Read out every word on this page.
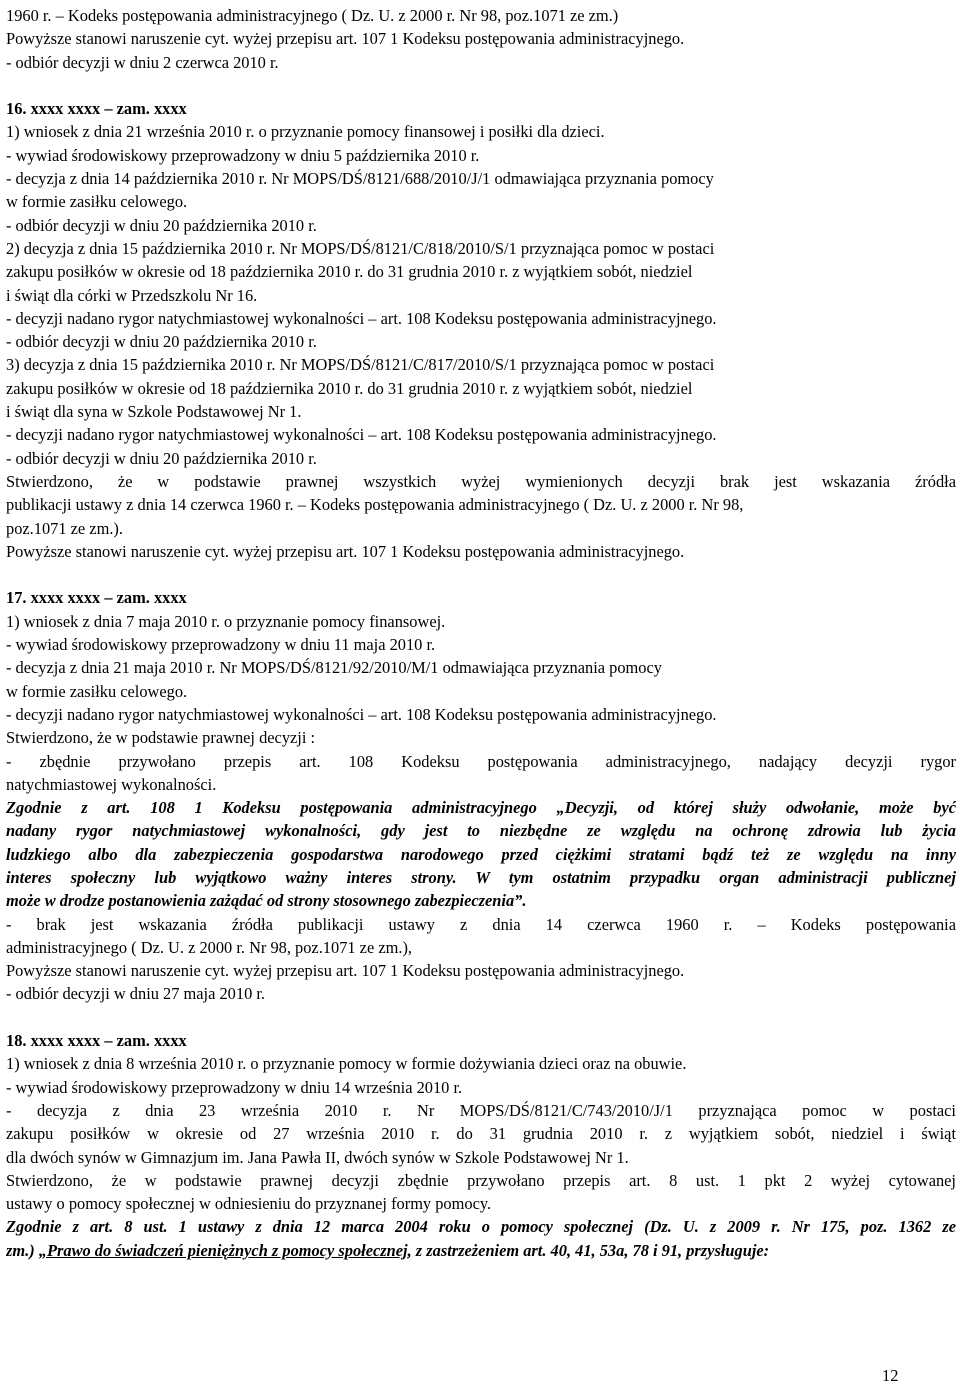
1960 r. – Kodeks postępowania administracyjnego ( Dz. U. z 2000 r. Nr 98, poz.1071 ze zm.)
Powyższe stanowi naruszenie cyt. wyżej przepisu art. 107 1 Kodeksu postępowania administracyjnego.
- odbiór decyzji w dniu 2 czerwca 2010 r.
16. xxxx xxxx – zam. xxxx
1) wniosek z dnia 21 września 2010 r. o przyznanie pomocy finansowej i posiłki dla dzieci.
- wywiad środowiskowy przeprowadzony w dniu 5 października 2010 r.
- decyzja z dnia 14 października 2010 r. Nr MOPS/DŚ/8121/688/2010/J/1 odmawiająca przyznania pomocy
w formie zasiłku celowego.
- odbiór decyzji w dniu 20 października 2010 r.
2) decyzja z dnia 15 października 2010 r. Nr MOPS/DŚ/8121/C/818/2010/S/1 przyznająca pomoc w postaci
zakupu posiłków w okresie od 18 października 2010 r. do 31 grudnia 2010 r. z wyjątkiem sobót, niedziel
i świąt dla córki w Przedszkolu Nr 16.
- decyzji nadano rygor natychmiastowej wykonalności – art. 108 Kodeksu postępowania administracyjnego.
- odbiór decyzji w dniu 20 października 2010 r.
3) decyzja z dnia 15 października 2010 r. Nr MOPS/DŚ/8121/C/817/2010/S/1 przyznająca pomoc w postaci
zakupu posiłków w okresie od 18 października 2010 r. do 31 grudnia 2010 r. z wyjątkiem sobót, niedziel
i świąt dla syna w Szkole Podstawowej Nr 1.
- decyzji nadano rygor natychmiastowej wykonalności – art. 108 Kodeksu postępowania administracyjnego.
- odbiór decyzji w dniu 20 października 2010 r.
Stwierdzono, że w podstawie prawnej wszystkich wyżej wymienionych decyzji brak jest wskazania źródła
publikacji ustawy z dnia 14 czerwca 1960 r. – Kodeks postępowania administracyjnego ( Dz. U. z 2000 r. Nr 98,
poz.1071 ze zm.).
Powyższe stanowi naruszenie cyt. wyżej przepisu art. 107 1 Kodeksu postępowania administracyjnego.
17. xxxx xxxx – zam. xxxx
1) wniosek z dnia 7 maja 2010 r. o przyznanie pomocy finansowej.
- wywiad środowiskowy przeprowadzony w dniu 11 maja 2010 r.
- decyzja z dnia 21 maja 2010 r. Nr MOPS/DŚ/8121/92/2010/M/1 odmawiająca przyznania pomocy
w formie zasiłku celowego.
- decyzji nadano rygor natychmiastowej wykonalności – art. 108 Kodeksu postępowania administracyjnego.
Stwierdzono, że w podstawie prawnej decyzji :
- zbędnie przywołano przepis art. 108 Kodeksu postępowania administracyjnego, nadający decyzji rygor
natychmiastowej wykonalności.
Zgodnie z art. 108 1 Kodeksu postępowania administracyjnego „Decyzji, od której służy odwołanie, może być
nadany rygor natychmiastowej wykonalności, gdy jest to niezbędne ze względu na ochronę zdrowia lub życia
ludzkiego albo dla zabezpieczenia gospodarstwa narodowego przed ciężkimi stratami bądź też ze względu na inny
interes społeczny lub wyjątkowo ważny interes strony. W tym ostatnim przypadku organ administracji publicznej
może w drodze postanowienia zażądać od strony stosownego zabezpieczenia”.
- brak jest wskazania źródła publikacji ustawy z dnia 14 czerwca 1960 r. – Kodeks postępowania
administracyjnego ( Dz. U. z 2000 r. Nr 98, poz.1071 ze zm.),
Powyższe stanowi naruszenie cyt. wyżej przepisu art. 107 1 Kodeksu postępowania administracyjnego.
- odbiór decyzji w dniu 27 maja 2010 r.
18. xxxx xxxx – zam. xxxx
1) wniosek z dnia 8 września 2010 r. o przyznanie pomocy w formie dożywiania dzieci oraz na obuwie.
- wywiad środowiskowy przeprowadzony w dniu 14 września 2010 r.
- decyzja z dnia 23 września 2010 r. Nr MOPS/DŚ/8121/C/743/2010/J/1 przyznająca pomoc w postaci
zakupu posiłków w okresie od 27 września 2010 r. do 31 grudnia 2010 r. z wyjątkiem sobót, niedziel i świąt
dla dwóch synów w Gimnazjum im. Jana Pawła II, dwóch synów w Szkole Podstawowej Nr 1.
Stwierdzono, że w podstawie prawnej decyzji zbędnie przywołano przepis art. 8 ust. 1 pkt 2 wyżej cytowanej
ustawy o pomocy społecznej w odniesieniu do przyznanej formy pomocy.
Zgodnie z art. 8 ust. 1 ustawy z dnia 12 marca 2004 roku o pomocy społecznej (Dz. U. z 2009 r. Nr 175, poz. 1362 ze
zm.) „Prawo do świadczeń pieniężnych z pomocy społecznej, z zastrzeżeniem art. 40, 41, 53a, 78 i 91, przysługuje:
12
